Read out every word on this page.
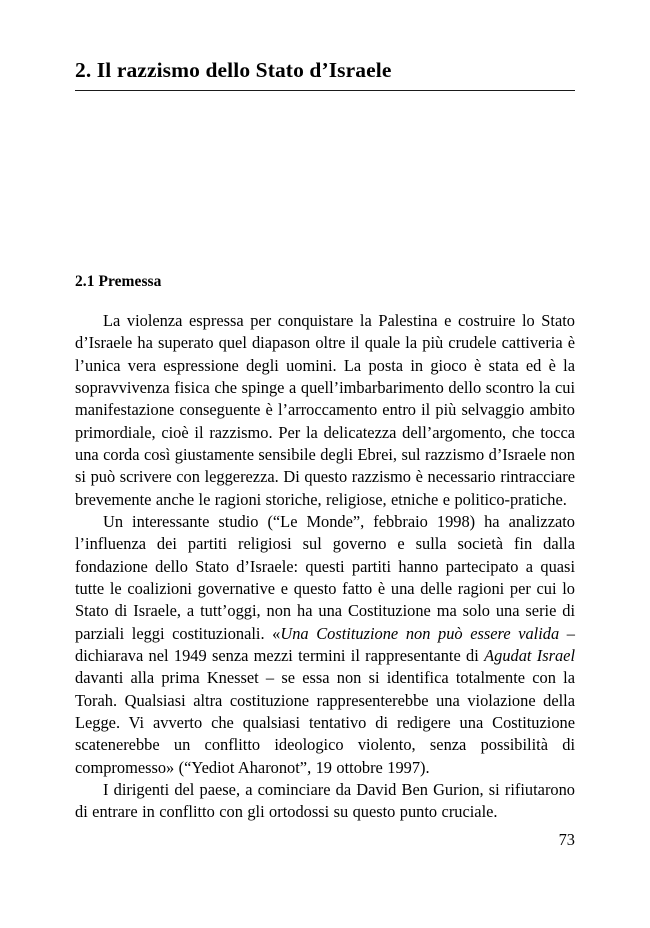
2. Il razzismo dello Stato d’Israele
2.1 Premessa

La violenza espressa per conquistare la Palestina e costruire lo Stato d’Israele ha superato quel diapason oltre il quale la più crudele cattiveria è l’unica vera espressione degli uomini. La posta in gioco è stata ed è la sopravvivenza fisica che spinge a quell’imbarbarimento dello scontro la cui manifestazione conseguente è l’arroccamento entro il più selvaggio ambito primordiale, cioè il razzismo. Per la delicatezza dell’argomento, che tocca una corda così giustamente sensibile degli Ebrei, sul razzismo d’Israele non si può scrivere con leggerezza. Di questo razzismo è necessario rintracciare brevemente anche le ragioni storiche, religiose, etniche e politico-pratiche.

Un interessante studio (“Le Monde”, febbraio 1998) ha analizzato l’influenza dei partiti religiosi sul governo e sulla società fin dalla fondazione dello Stato d’Israele: questi partiti hanno partecipato a quasi tutte le coalizioni governative e questo fatto è una delle ragioni per cui lo Stato di Israele, a tutt’oggi, non ha una Costituzione ma solo una serie di parziali leggi costituzionali. «Una Costituzione non può essere valida – dichiarava nel 1949 senza mezzi termini il rappresentante di Agudat Israel davanti alla prima Knesset – se essa non si identifica totalmente con la Torah. Qualsiasi altra costituzione rappresenterebbe una violazione della Legge. Vi avverto che qualsiasi tentativo di redigere una Costituzione scatenerebbe un conflitto ideologico violento, senza possibilità di compromesso» (“Yediot Aharonot”, 19 ottobre 1997).

I dirigenti del paese, a cominciare da David Ben Gurion, si rifiutarono di entrare in conflitto con gli ortodossi su questo punto cruciale.

73
